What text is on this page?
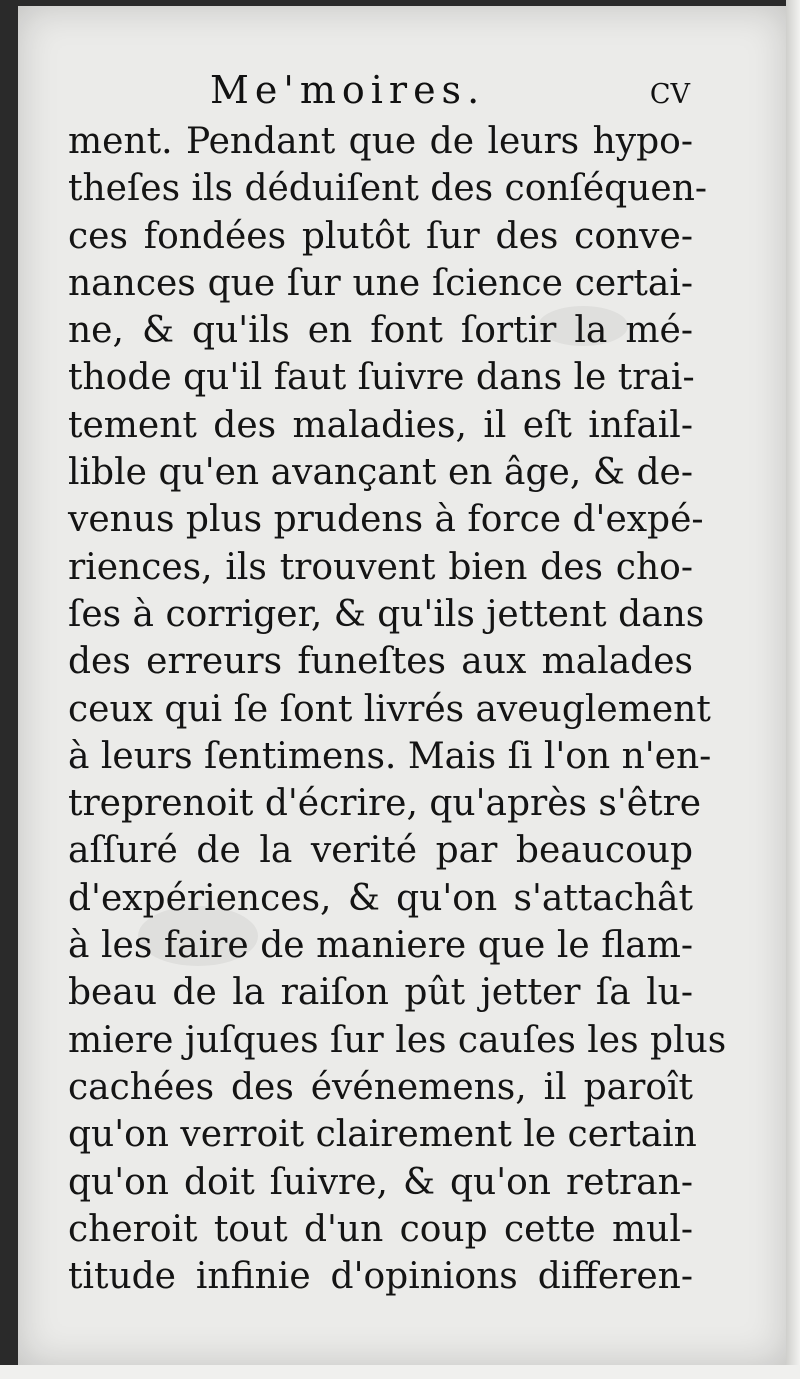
Me'moires.	cv
ment. Pendant que de leurs hypo-
theſes ils déduiſent des conſéquen-
ces fondées plutôt ſur des conve-
nances que ſur une ſcience certai-
ne, & qu'ils en font ſortir la mé-
thode qu'il faut ſuivre dans le trai-
tement des maladies, il eſt infail-
lible qu'en avançant en âge, & de-
venus plus prudens à force d'expé-
riences, ils trouvent bien des cho-
ſes à corriger, & qu'ils jettent dans
des erreurs funeſtes aux malades
ceux qui ſe ſont livrés aveuglement
à leurs ſentimens. Mais ſi l'on n'en-
treprenoit d'écrire, qu'après s'être
aſſuré de la verité par beaucoup
d'expériences, & qu'on s'attachât
à les faire de maniere que le flam-
beau de la raiſon pût jetter ſa lu-
miere juſques ſur les cauſes les plus
cachées des événemens, il paroît
qu'on verroit clairement le certain
qu'on doit ſuivre, & qu'on retran-
cheroit tout d'un coup cette mul-
titude infinie d'opinions differen-
